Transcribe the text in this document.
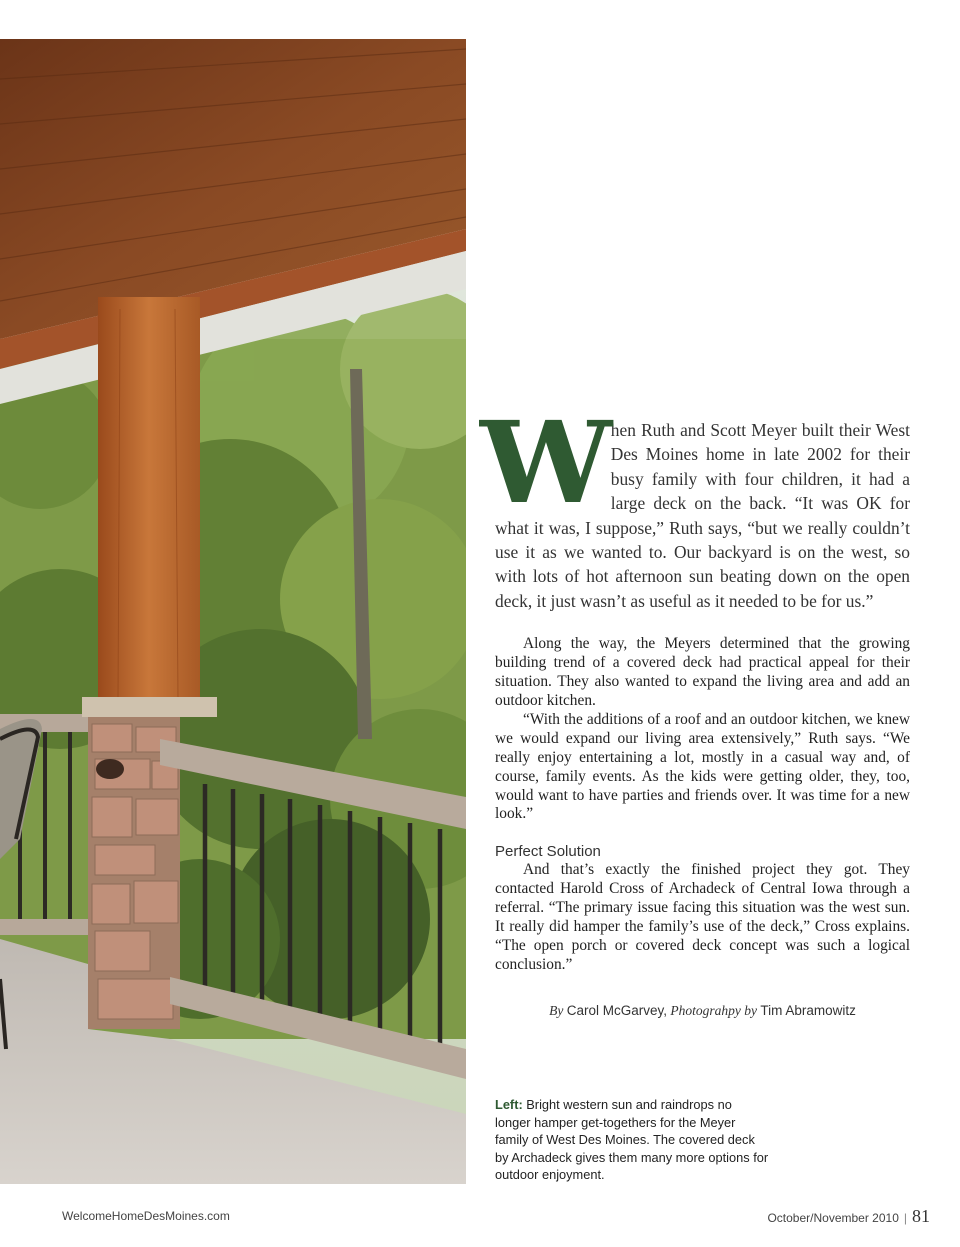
When Ruth and Scott Meyer built their West Des Moines home in late 2002 for their busy family with four children, it had a large deck on the back. “It was OK for what it was, I suppose,” Ruth says, “but we really couldn’t use it as we wanted to. Our backyard is on the west, so with lots of hot afternoon sun beating down on the open deck, it just wasn’t as useful as it needed to be for us.”

Along the way, the Meyers determined that the growing building trend of a covered deck had practical appeal for their situation. They also wanted to expand the living area and add an outdoor kitchen.

“With the additions of a roof and an outdoor kitchen, we knew we would expand our living area extensively,” Ruth says. “We really enjoy entertaining a lot, mostly in a casual way and, of course, family events. As the kids were getting older, they, too, would want to have parties and friends over. It was time for a new look.”

Perfect Solution

And that’s exactly the finished project they got. They contacted Harold Cross of Archadeck of Central Iowa through a referral. “The primary issue facing this situation was the west sun. It really did hamper the family’s use of the deck,” Cross explains. “The open porch or covered deck concept was such a logical conclusion.”

By Carol McGarvey, Photograhpy by Tim Abramowitz
Left: Bright western sun and raindrops no longer hamper get-togethers for the Meyer family of West Des Moines. The covered deck by Archadeck gives them many more options for outdoor enjoyment.
WelcomeHomeDesMoines.com	October/November 2010 | 81
